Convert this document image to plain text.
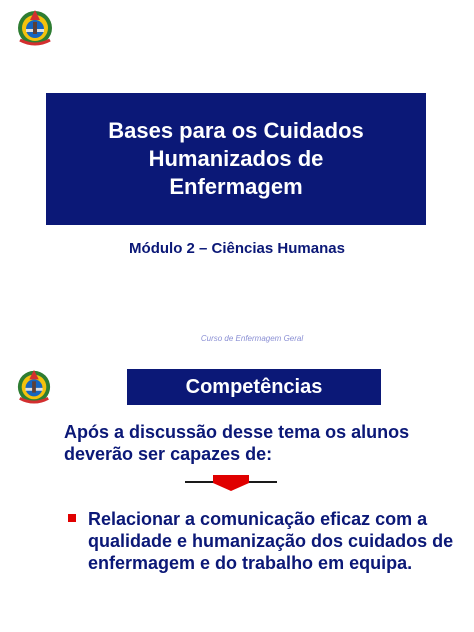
Bases para os Cuidados Humanizados de Enfermagem
Módulo 2 – Ciências Humanas
Curso de Enfermagem Geral
Competências
Após a discussão desse tema os alunos deverão ser capazes de:
Relacionar a comunicação eficaz com a qualidade e humanização dos cuidados de enfermagem e do trabalho em equipa.
